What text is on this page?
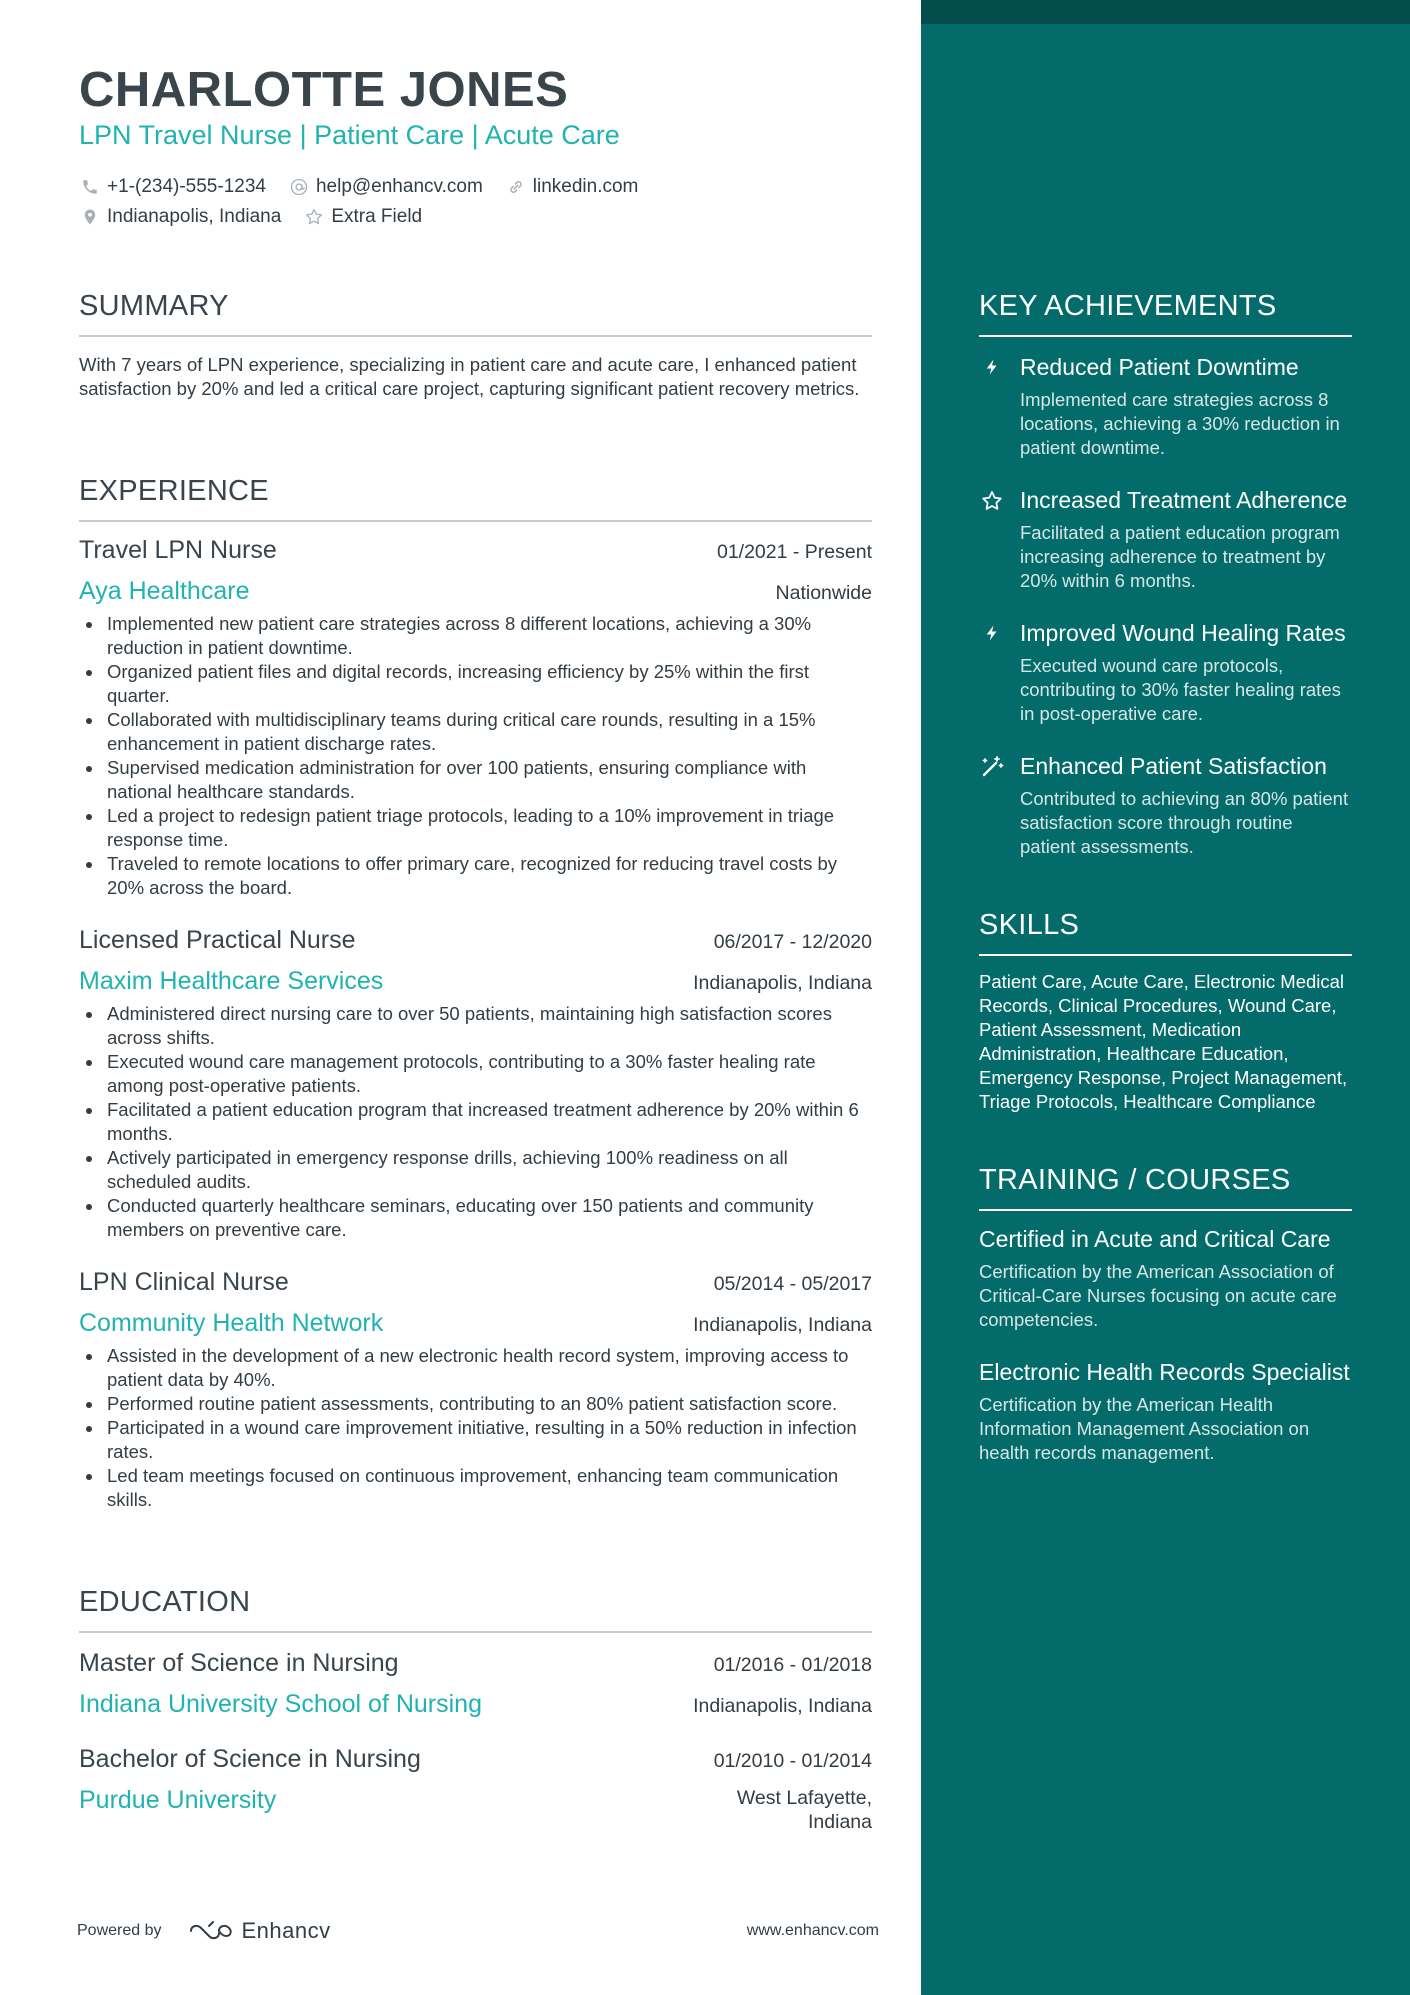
CHARLOTTE JONES
LPN Travel Nurse | Patient Care | Acute Care
+1-(234)-555-1234	help@enhancv.com	linkedin.com
Indianapolis, Indiana	Extra Field
SUMMARY
With 7 years of LPN experience, specializing in patient care and acute care, I enhanced patient satisfaction by 20% and led a critical care project, capturing significant patient recovery metrics.
EXPERIENCE
Travel LPN Nurse	01/2021 - Present
Aya Healthcare	Nationwide
Implemented new patient care strategies across 8 different locations, achieving a 30% reduction in patient downtime.
Organized patient files and digital records, increasing efficiency by 25% within the first quarter.
Collaborated with multidisciplinary teams during critical care rounds, resulting in a 15% enhancement in patient discharge rates.
Supervised medication administration for over 100 patients, ensuring compliance with national healthcare standards.
Led a project to redesign patient triage protocols, leading to a 10% improvement in triage response time.
Traveled to remote locations to offer primary care, recognized for reducing travel costs by 20% across the board.
Licensed Practical Nurse	06/2017 - 12/2020
Maxim Healthcare Services	Indianapolis, Indiana
Administered direct nursing care to over 50 patients, maintaining high satisfaction scores across shifts.
Executed wound care management protocols, contributing to a 30% faster healing rate among post-operative patients.
Facilitated a patient education program that increased treatment adherence by 20% within 6 months.
Actively participated in emergency response drills, achieving 100% readiness on all scheduled audits.
Conducted quarterly healthcare seminars, educating over 150 patients and community members on preventive care.
LPN Clinical Nurse	05/2014 - 05/2017
Community Health Network	Indianapolis, Indiana
Assisted in the development of a new electronic health record system, improving access to patient data by 40%.
Performed routine patient assessments, contributing to an 80% patient satisfaction score.
Participated in a wound care improvement initiative, resulting in a 50% reduction in infection rates.
Led team meetings focused on continuous improvement, enhancing team communication skills.
EDUCATION
Master of Science in Nursing	01/2016 - 01/2018
Indiana University School of Nursing	Indianapolis, Indiana
Bachelor of Science in Nursing	01/2010 - 01/2014
Purdue University	West Lafayette,
Indiana
Powered by	Enhancv	www.enhancv.com
KEY ACHIEVEMENTS
Reduced Patient Downtime
Implemented care strategies across 8 locations, achieving a 30% reduction in patient downtime.
Increased Treatment Adherence
Facilitated a patient education program increasing adherence to treatment by 20% within 6 months.
Improved Wound Healing Rates
Executed wound care protocols, contributing to 30% faster healing rates in post-operative care.
Enhanced Patient Satisfaction
Contributed to achieving an 80% patient satisfaction score through routine patient assessments.
SKILLS
Patient Care, Acute Care, Electronic Medical Records, Clinical Procedures, Wound Care, Patient Assessment, Medication Administration, Healthcare Education, Emergency Response, Project Management, Triage Protocols, Healthcare Compliance
TRAINING / COURSES
Certified in Acute and Critical Care
Certification by the American Association of Critical-Care Nurses focusing on acute care competencies.
Electronic Health Records Specialist
Certification by the American Health Information Management Association on health records management.
